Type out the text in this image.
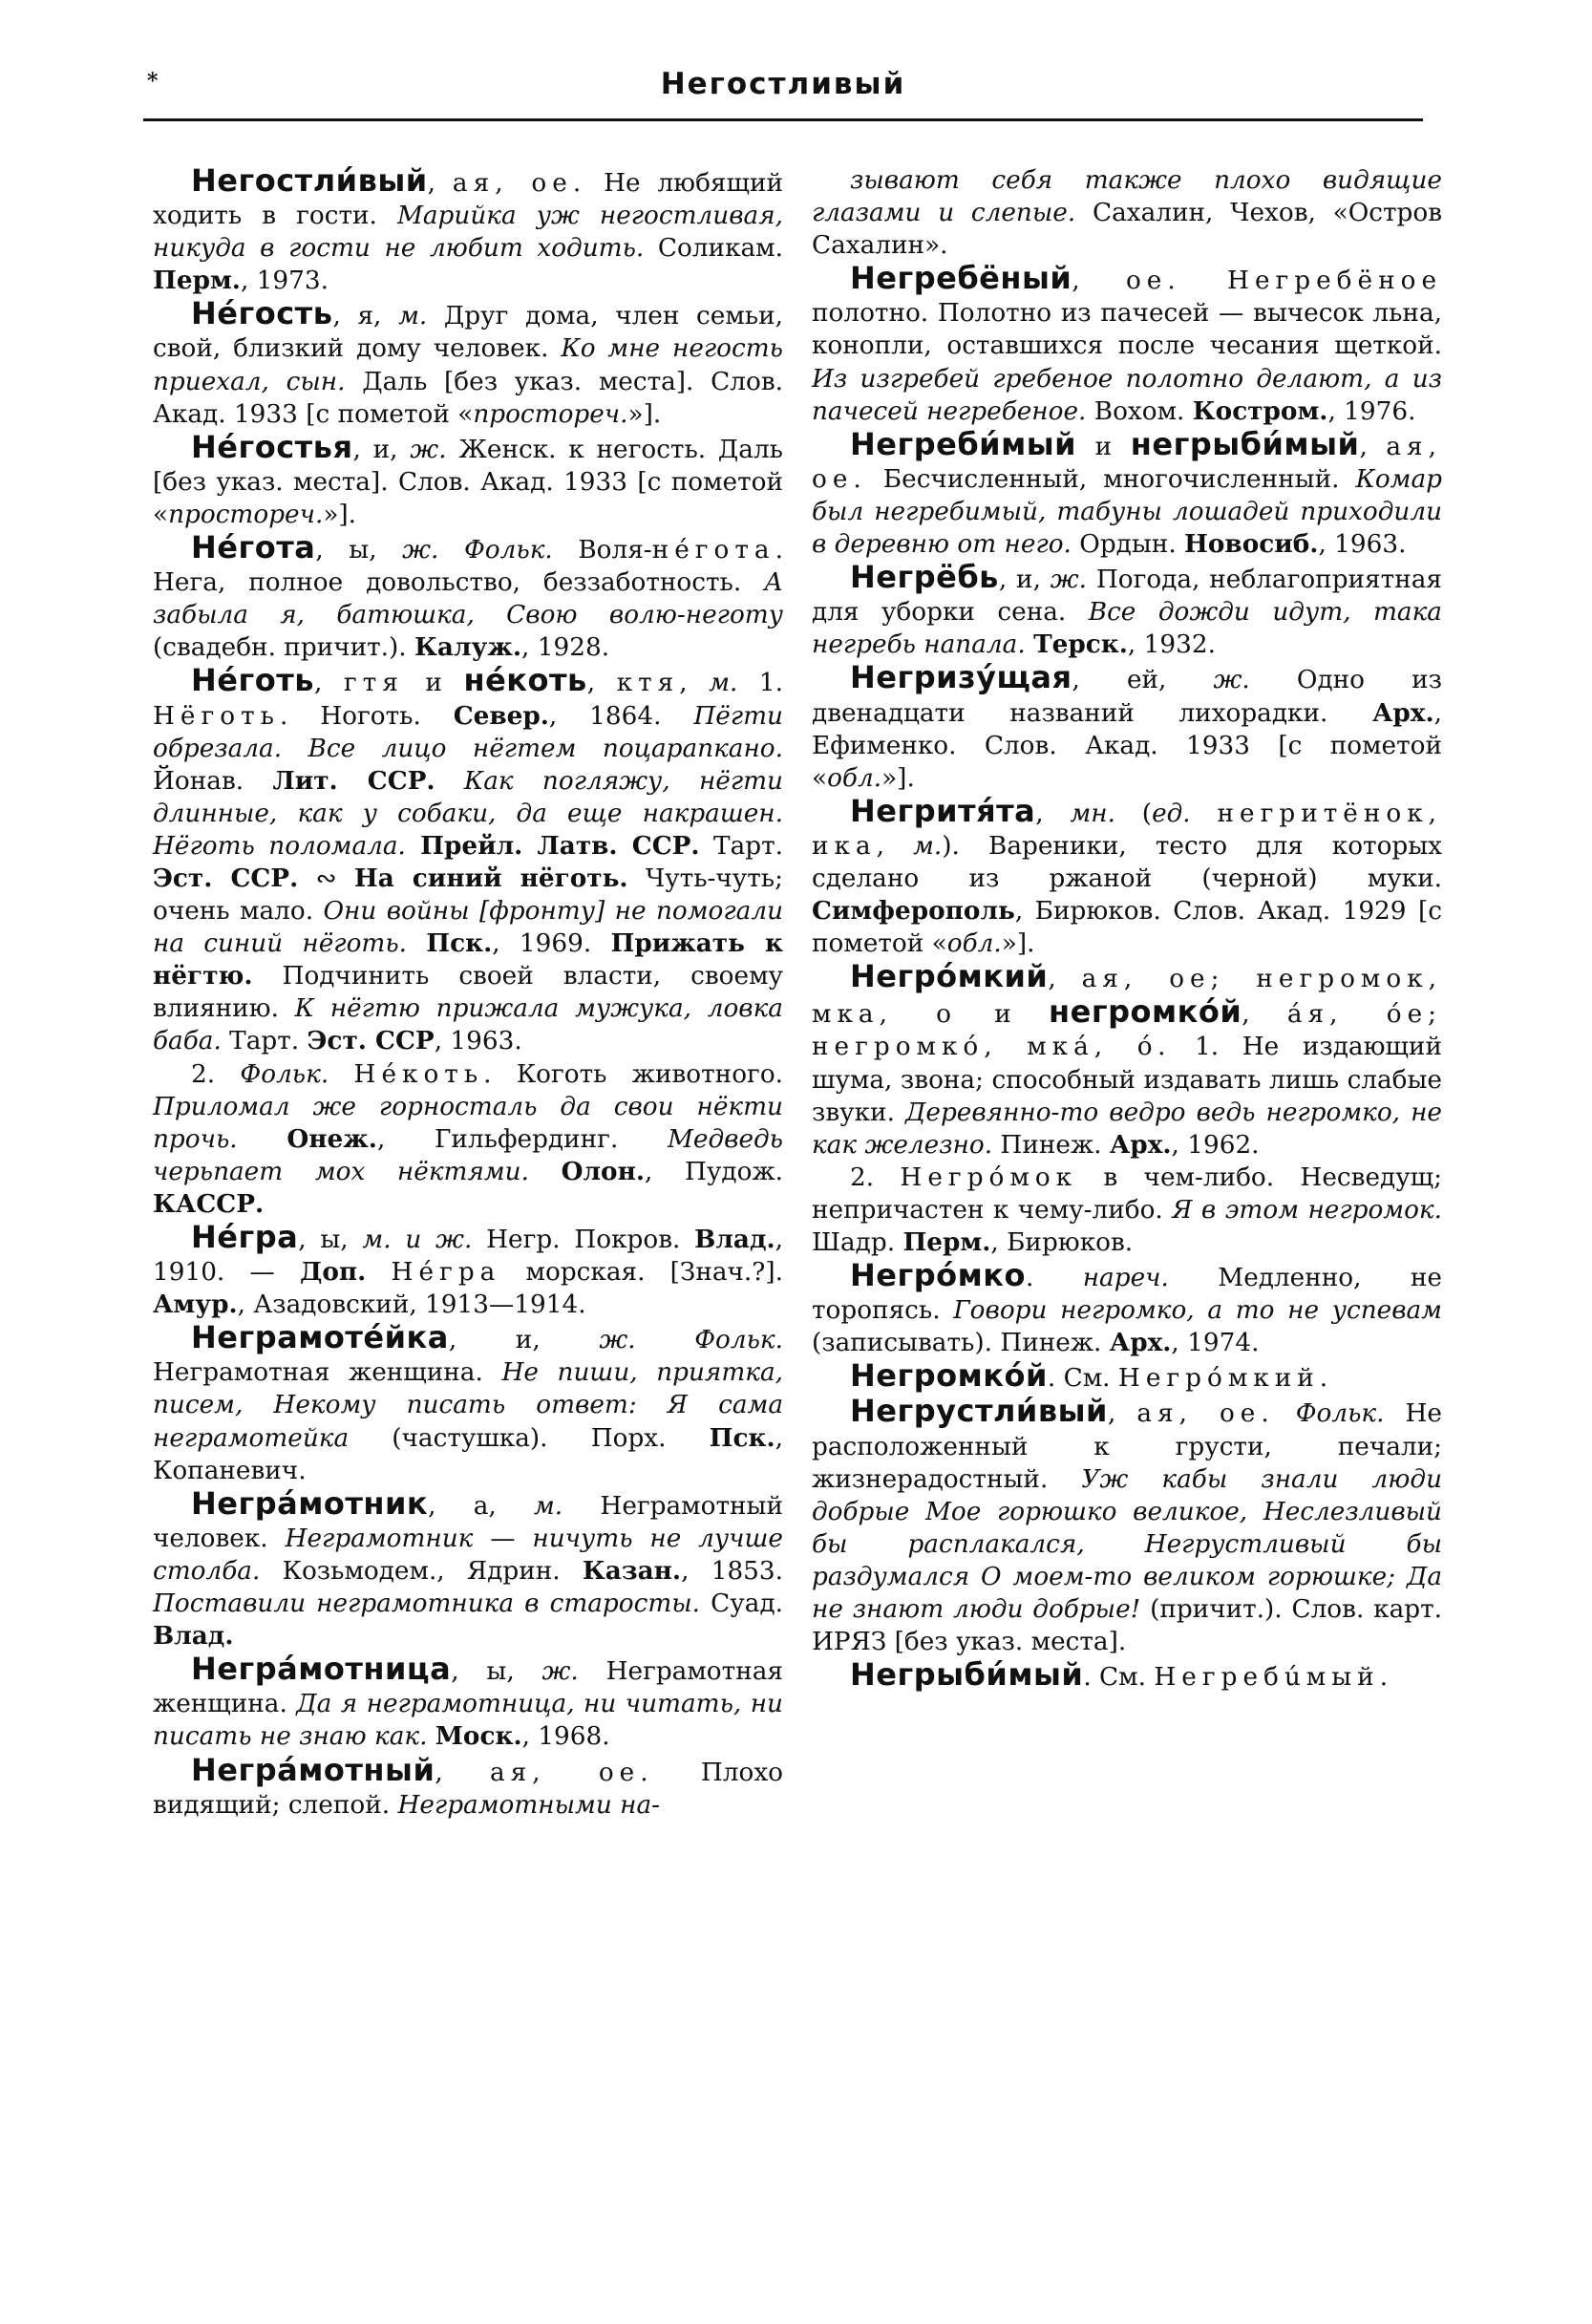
*	Негостливый

Негостли́вый, ая, ое. Не любящий ходить в гости. Марийка уж негостливая, никуда в гости не любит ходить. Соликам. Перм., 1973.

Не́гость, я, м. Друг дома, член семьи, свой, близкий дому человек. Ко мне негость приехал, сын. Даль [без указ. места]. Слов. Акад. 1933 [с пометой «простореч.»].

Не́гостья, и, ж. Женск. к негость. Даль [без указ. места]. Слов. Акад. 1933 [с пометой «простореч.»].

Не́гота, ы, ж. Фольк. Воля-нéгота. Нега, полное довольство, беззаботность. А забыла я, батюшка, Свою волю-неготу (свадебн. причит.). Калуж., 1928.

Не́готь, гтя и не́коть, ктя, м. 1. Нёготь. Ноготь. Север., 1864. Пёгти обрезала. Все лицо нёгтем поцарапкано. Йонав. Лит. ССР. Как погляжу, нёгти длинные, как у собаки, да еще накрашен. Нёготь поломала. Прейл. Латв. ССР. Тарт. Эст. ССР. ∾ На синий нёготь. Чуть-чуть; очень мало. Они войны [фронту] не помогали на синий нёготь. Пск., 1969. Прижать к нёгтю. Подчинить своей власти, своему влиянию. К нёгтю прижала мужука, ловка баба. Тарт. Эст. ССР, 1963.

2. Фольк. Нéкоть. Коготь животного. Приломал же горносталь да свои нёкти прочь. Онеж., Гильфердинг. Медведь черьпает мох нёктями. Олон., Пудож. КАССР.

Не́гра, ы, м. и ж. Негр. Покров. Влад., 1910. — Доп. Нéгра морская. [Знач.?]. Амур., Азадовский, 1913—1914.

Неграмоте́йка, и, ж. Фольк. Неграмотная женщина. Не пиши, приятка, писем, Некому писать ответ: Я сама неграмотейка (частушка). Порх. Пск., Копаневич.

Негра́мотник, а, м. Неграмотный человек. Неграмотник — ничуть не лучше столба. Козьмодем., Ядрин. Казан., 1853. Поставили неграмотника в старосты. Суад. Влад.

Негра́мотница, ы, ж. Неграмотная женщина. Да я неграмотница, ни читать, ни писать не знаю как. Моск., 1968.

Негра́мотный, ая, ое. Плохо видящий; слепой. Неграмотными на-

зывают себя также плохо видящие глазами и слепые. Сахалин, Чехов, «Остров Сахалин».

Негребёный, ое. Негребёное полотно. Полотно из пачесей — вычесок льна, конопли, оставшихся после чесания щеткой. Из изгребей гребеное полотно делают, а из пачесей негребеное. Вохом. Костром., 1976.

Негреби́мый и негрыби́мый, ая, ое. Бесчисленный, многочисленный. Комар был негребимый, табуны лошадей приходили в деревню от него. Ордын. Новосиб., 1963.

Негрёбь, и, ж. Погода, неблагоприятная для уборки сена. Все дожди идут, така негребь напала. Терск., 1932.

Негризу́щая, ей, ж. Одно из двенадцати названий лихорадки. Арх., Ефименко. Слов. Акад. 1933 [с пометой «обл.»].

Негритя́та, мн. (ед. негритёнок, ика, м.). Вареники, тесто для которых сделано из ржаной (черной) муки. Симферополь, Бирюков. Слов. Акад. 1929 [с пометой «обл.»].

Негро́мкий, ая, ое; негромок, мка, о и негромко́й, áя, óе; негромкó, мкá, ó. 1. Не издающий шума, звона; способный издавать лишь слабые звуки. Деревянно-то ведро ведь негромко, не как железно. Пинеж. Арх., 1962.

2. Негрóмок в чем-либо. Несведущ; непричастен к чему-либо. Я в этом негромок. Шадр. Перм., Бирюков.

Негро́мко. нареч. Медленно, не торопясь. Говори негромко, а то не успевам (записывать). Пинеж. Арх., 1974.

Негромко́й. См. Негрóмкий.

Негрустли́вый, ая, ое. Фольк. Не расположенный к грусти, печали; жизнерадостный. Уж кабы знали люди добрые Мое горюшко великое, Неслезливый бы расплакался, Негрустливый бы раздумался О моем-то великом горюшке; Да не знают люди добрые! (причит.). Слов. карт. ИРЯЗ [без указ. места].

Негрыби́мый. См. Негребúмый.
